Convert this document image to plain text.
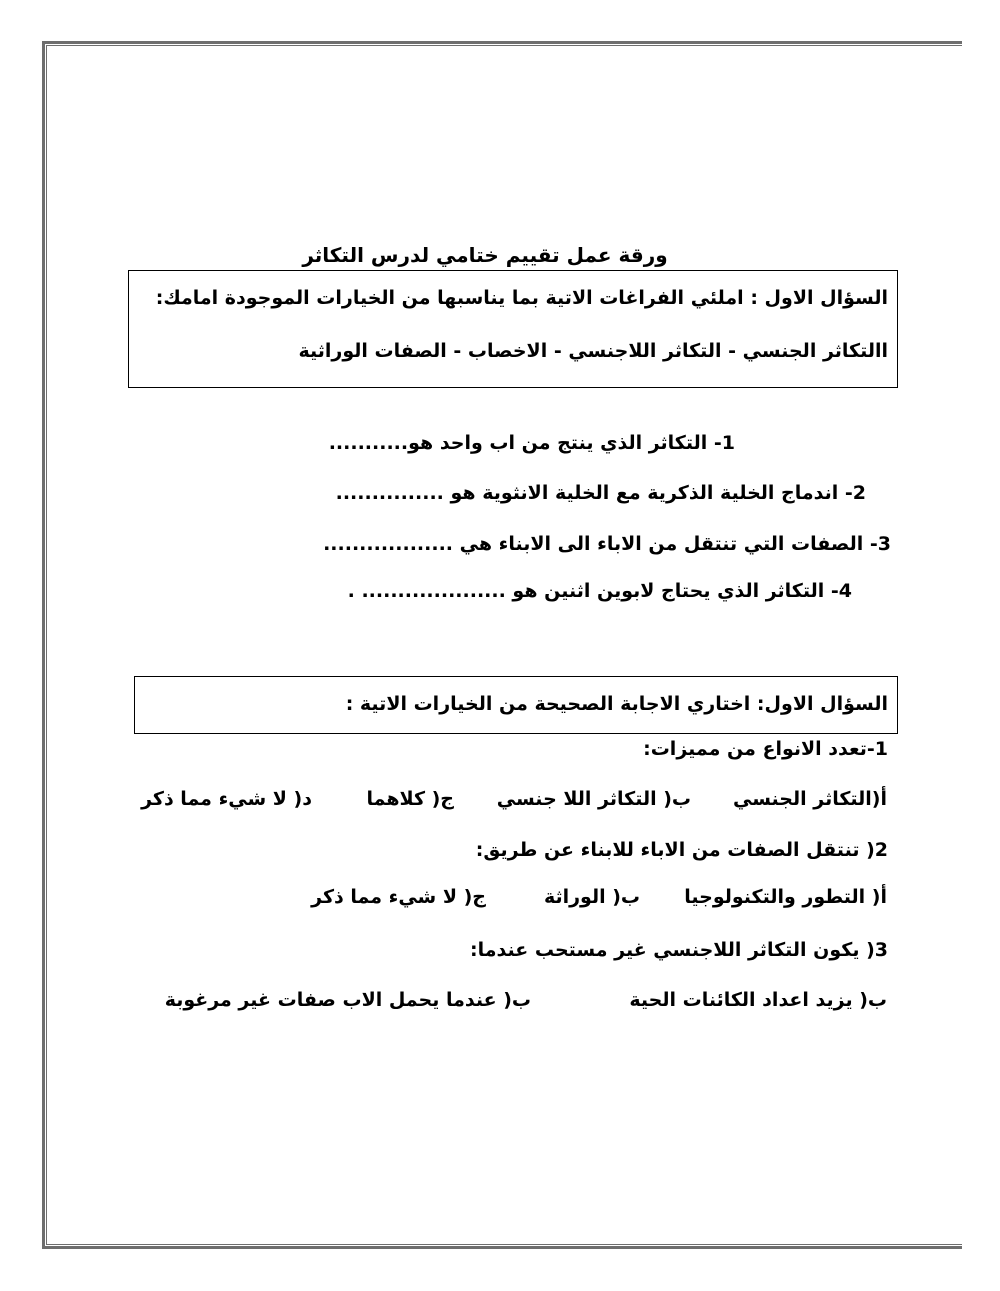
ورقة عمل تقييم ختامي لدرس التكاثر
السؤال الاول : املئي الفراغات الاتية بما يناسبها من الخيارات الموجودة امامك:
االتكاثر الجنسي - التكاثر اللاجنسي - الاخصاب - الصفات الوراثية
1- التكاثر الذي ينتج من اب واحد هو...........
2- اندماج الخلية الذكرية مع الخلية الانثوية هو ...............
3- الصفات التي تنتقل من الاباء الى الابناء هي ..................
4- التكاثر الذي يحتاج لابوين اثنين هو .................... .
السؤال الاول: اختاري الاجابة الصحيحة من الخيارات الاتية :
1-تعدد الانواع من مميزات:
أ(التكاثر الجنسي
ب( التكاثر اللا جنسي
ج( كلاهما
د( لا شيء مما ذكر
2( تنتقل الصفات من الاباء للابناء عن طريق:
أ( التطور والتكنولوجيا
ب( الوراثة
ج( لا شيء مما ذكر
3( يكون التكاثر اللاجنسي غير مستحب عندما:
ب( يزيد اعداد الكائنات الحية
ب( عندما يحمل الاب صفات غير مرغوبة
